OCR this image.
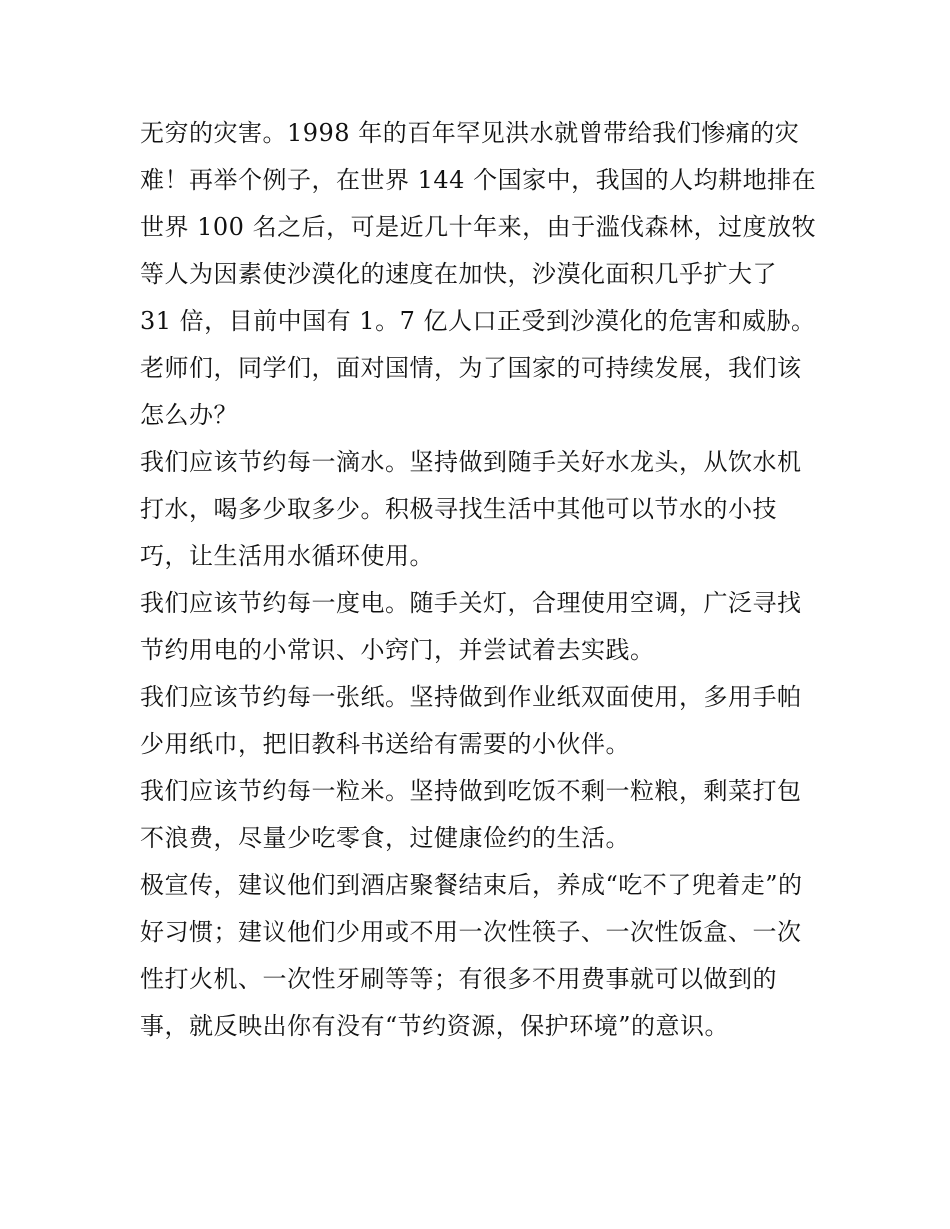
无穷的灾害。1998 年的百年罕见洪水就曾带给我们惨痛的灾
难！再举个例子，在世界 144 个国家中，我国的人均耕地排在
世界 100 名之后，可是近几十年来，由于滥伐森林，过度放牧
等人为因素使沙漠化的速度在加快，沙漠化面积几乎扩大了
31 倍，目前中国有 1。7 亿人口正受到沙漠化的危害和威胁。

老师们，同学们，面对国情，为了国家的可持续发展，我们该
怎么办？

我们应该节约每一滴水。坚持做到随手关好水龙头，从饮水机
打水，喝多少取多少。积极寻找生活中其他可以节水的小技
巧，让生活用水循环使用。

我们应该节约每一度电。随手关灯，合理使用空调，广泛寻找
节约用电的小常识、小窍门，并尝试着去实践。

我们应该节约每一张纸。坚持做到作业纸双面使用，多用手帕
少用纸巾，把旧教科书送给有需要的小伙伴。

我们应该节约每一粒米。坚持做到吃饭不剩一粒粮，剩菜打包
不浪费，尽量少吃零食，过健康俭约的生活。

极宣传，建议他们到酒店聚餐结束后，养成“吃不了兜着走”的
好习惯；建议他们少用或不用一次性筷子、一次性饭盒、一次
性打火机、一次性牙刷等等；有很多不用费事就可以做到的
事，就反映出你有没有“节约资源，保护环境”的意识。
